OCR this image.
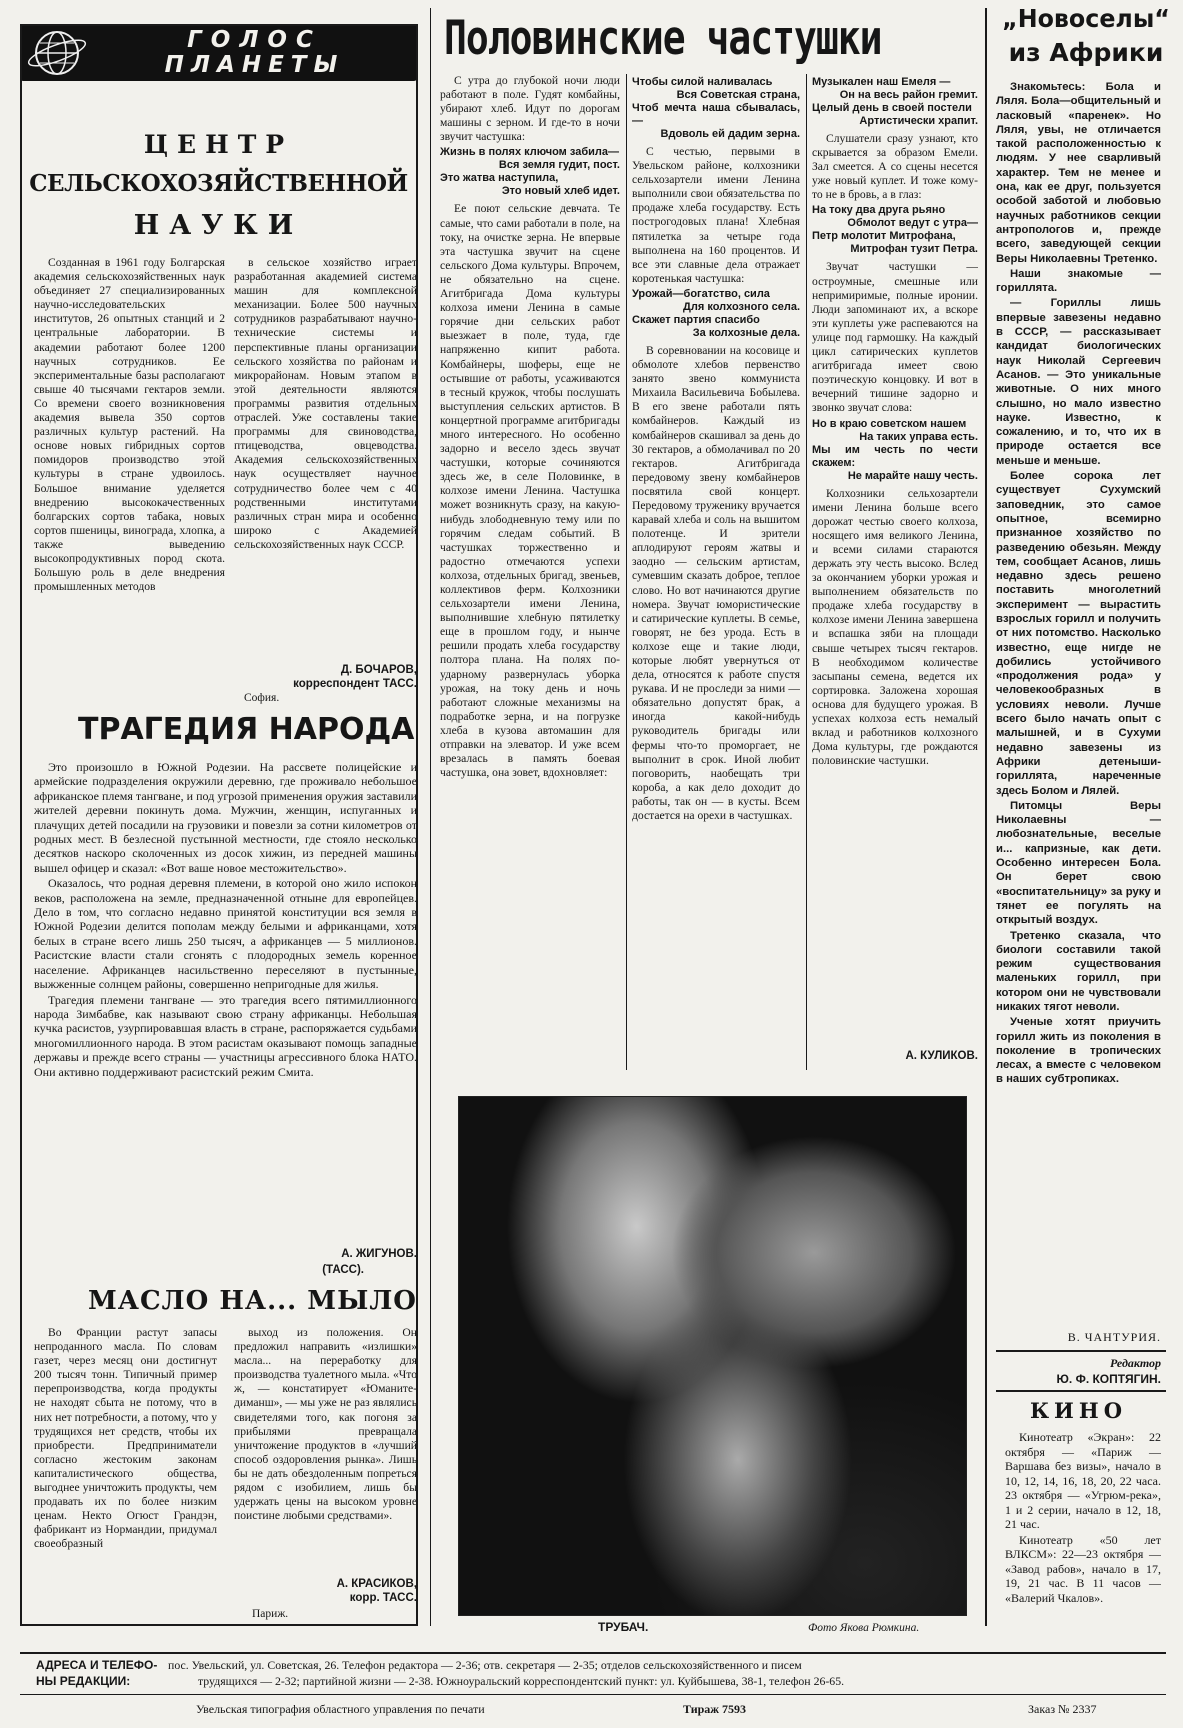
ГОЛОС
ПЛАНЕТЫ
ЦЕНТР
СЕЛЬСКОХОЗЯЙСТВЕННОЙ
НАУКИ

Созданная в 1961 году Болгарская академия сельскохозяйственных наук объединяет 27 специализированных научно-исследовательских институтов, 26 опытных станций и 2 центральные лаборатории. В академии работают более 1200 научных сотрудников. Ее экспериментальные базы располагают свыше 40 тысячами гектаров земли. Со времени своего возникновения академия вывела 350 сортов различных культур растений. На основе новых гибридных сортов помидоров производство этой культуры в стране удвоилось. Большое внимание уделяется внедрению высококачественных болгарских сортов табака, новых сортов пшеницы, винограда, хлопка, а также выведению высокопродуктивных пород скота. Большую роль в деле внедрения промышленных методов

в сельское хозяйство играет разработанная академией система машин для комплексной механизации. Более 500 научных сотрудников разрабатывают научно-технические системы и перспективные планы организации сельского хозяйства по районам и микрорайонам. Новым этапом в этой деятельности являются программы развития отдельных отраслей. Уже составлены такие программы для свиноводства, птицеводства, овцеводства. Академия сельскохозяйственных наук осуществляет научное сотрудничество более чем с 40 родственными институтами различных стран мира и особенно широко с Академией сельскохозяйственных наук СССР.

Д. БОЧАРОВ,
корреспондент ТАСС.
София.
ТРАГЕДИЯ НАРОДА

Это произошло в Южной Родезии. На рассвете полицейские и армейские подразделения окружили деревню, где проживало небольшое африканское племя тангване, и под угрозой применения оружия заставили жителей деревни покинуть дома. Мужчин, женщин, испуганных и плачущих детей посадили на грузовики и повезли за сотни километров от родных мест. В безлесной пустынной местности, где стояло несколько десятков наскоро сколоченных из досок хижин, из передней машины вышел офицер и сказал: «Вот ваше новое местожительство».

Оказалось, что родная деревня племени, в которой оно жило испокон веков, расположена на земле, предназначенной отныне для европейцев. Дело в том, что согласно недавно принятой конституции вся земля в Южной Родезии делится пополам между белыми и африканцами, хотя белых в стране всего лишь 250 тысяч, а африканцев — 5 миллионов. Расистские власти стали сгонять с плодородных земель коренное население. Африканцев насильственно переселяют в пустынные, выжженные солнцем районы, совершенно непригодные для жилья.

Трагедия племени тангване — это трагедия всего пятимиллионного народа Зимбабве, как называют свою страну африканцы. Небольшая кучка расистов, узурпировавшая власть в стране, распоряжается судьбами многомиллионного народа. В этом расистам оказывают помощь западные державы и прежде всего страны — участницы агрессивного блока НАТО. Они активно поддерживают расистский режим Смита.

А. ЖИГУНОВ.
(ТАСС).
МАСЛО НА... МЫЛО

Во Франции растут запасы непроданного масла. По словам газет, через месяц они достигнут 200 тысяч тонн. Типичный пример перепроизводства, когда продукты не находят сбыта не потому, что в них нет потребности, а потому, что у трудящихся нет средств, чтобы их приобрести. Предприниматели согласно жестоким законам капиталистического общества, выгоднее уничтожить продукты, чем продавать их по более низким ценам. Некто Огюст Грандэн, фабрикант из Нормандии, придумал своеобразный

выход из положения. Он предложил направить «излишки» масла... на переработку для производства туалетного мыла. «Что ж, — констатирует «Юманите-диманш», — мы уже не раз являлись свидетелями того, как погоня за прибылями превращала уничтожение продуктов в «лучший способ оздоровления рынка». Лишь бы не дать обездоленным попреться рядом с изобилием, лишь бы удержать цены на высоком уровне поистине любыми средствами».

А. КРАСИКОВ,
корр. ТАСС.
Париж.
Половинские частушки

С утра до глубокой ночи люди работают в поле. Гудят комбайны, убирают хлеб. Идут по дорогам машины с зерном. И где-то в ночи звучит частушка:

Жизнь в полях ключом забила—
Вся земля гудит, пост.
Это жатва наступила,
Это новый хлеб идет.

Ее поют сельские девчата. Те самые, что сами работали в поле, на току, на очистке зерна. Не впервые эта частушка звучит на сцене сельского Дома культуры. Впрочем, не обязательно на сцене. Агитбригада Дома культуры колхоза имени Ленина в самые горячие дни сельских работ выезжает в поле, туда, где напряженно кипит работа. Комбайнеры, шоферы, еще не остывшие от работы, усаживаются в тесный кружок, чтобы послушать выступления сельских артистов. В концертной программе агитбригады много интересного. Но особенно задорно и весело здесь звучат частушки, которые сочиняются здесь же, в селе Половинке, в колхозе имени Ленина. Частушка может возникнуть сразу, на какую-нибудь злободневную тему или по горячим следам событий. В частушках торжественно и радостно отмечаются успехи колхоза, отдельных бригад, звеньев, коллективов ферм. Колхозники сельхозартели имени Ленина, выполнившие хлебную пятилетку еще в прошлом году, и нынче решили продать хлеба государству полтора плана. На полях по-ударному развернулась уборка урожая, на току день и ночь работают сложные механизмы на подработке зерна, и на погрузке хлеба в кузова автомашин для отправки на элеватор. И уже всем врезалась в память боевая частушка, она зовет, вдохновляет:

Чтобы силой наливалась
Вся Советская страна,
Чтоб мечта наша сбывалась,—
Вдоволь ей дадим зерна.

С честью, первыми в Увельском районе, колхозники сельхозартели имени Ленина выполнили свои обязательства по продаже хлеба государству. Есть построгодовых плана! Хлебная пятилетка за четыре года выполнена на 160 процентов. И все эти славные дела отражает коротенькая частушка:

Урожай—богатство, сила
Для колхозного села.
Скажет партия спасибо
За колхозные дела.

В соревновании на косовице и обмолоте хлебов первенство занято звено коммуниста Михаила Васильевича Бобылева. В его звене работали пять комбайнеров. Каждый из комбайнеров скашивал за день до 30 гектаров, а обмолачивал по 20 гектаров. Агитбригада передовому звену комбайнеров посвятила свой концерт. Передовому труженику вручается каравай хлеба и соль на вышитом полотенце. И зрители аплодируют героям жатвы и заодно — сельским артистам, сумевшим сказать доброе, теплое слово. Но вот начинаются другие номера. Звучат юмористические и сатирические куплеты. В семье, говорят, не без урода. Есть в колхозе еще и такие люди, которые любят увернуться от дела, относятся к работе спустя рукава. И не проследи за ними — обязательно допустят брак, а иногда какой-нибудь руководитель бригады или фермы что-то проморгает, не выполнит в срок. Иной любит поговорить, наобещать три короба, а как дело доходит до работы, так он — в кусты. Всем достается на орехи в частушках.

Музыкален наш Емеля —
Он на весь район гремит.
Целый день в своей постели
Артистически храпит.

Слушатели сразу узнают, кто скрывается за образом Емели. Зал смеется. А со сцены несется уже новый куплет. И тоже кому-то не в бровь, а в глаз:

На току два друга рьяно
Обмолот ведут с утра—
Петр молотит Митрофана,
Митрофан тузит Петра.

Звучат частушки — остроумные, смешные или непримиримые, полные иронии. Люди запоминают их, а вскоре эти куплеты уже распеваются на улице под гармошку. На каждый цикл сатирических куплетов агитбригада имеет свою поэтическую концовку. И вот в вечерний тишине задорно и звонко звучат слова:

Но в краю советском нашем
На таких управа есть.
Мы им честь по чести скажем:
Не марайте нашу честь.

Колхозники сельхозартели имени Ленина больше всего дорожат честью своего колхоза, носящего имя великого Ленина, и всеми силами стараются держать эту честь высоко. Вслед за окончанием уборки урожая и выполнением обязательств по продаже хлеба государству в колхозе имени Ленина завершена и вспашка зяби на площади свыше четырех тысяч гектаров. В необходимом количестве засыпаны семена, ведется их сортировка. Заложена хорошая основа для будущего урожая. В успехах колхоза есть немалый вклад и работников колхозного Дома культуры, где рождаются половинские частушки.

А. КУЛИКОВ.
ТРУБАЧ.	Фото Якова Рюмкина.
„Новоселы“
из Африки

Знакомьтесь: Бола и Ляля. Бола—общительный и ласковый «паренек». Но Ляля, увы, не отличается такой расположенностью к людям. У нее сварливый характер. Тем не менее и она, как ее друг, пользуется особой заботой и любовью научных работников секции антропологов и, прежде всего, заведующей секции Веры Николаевны Третенко.

Наши знакомые — гориллята.

— Гориллы лишь впервые завезены недавно в СССР, — рассказывает кандидат биологических наук Николай Сергеевич Асанов. — Это уникальные животные. О них много слышно, но мало известно науке. Известно, к сожалению, и то, что их в природе остается все меньше и меньше.

Более сорока лет существует Сухумский заповедник, это самое опытное, всемирно признанное хозяйство по разведению обезьян. Между тем, сообщает Асанов, лишь недавно здесь решено поставить многолетний эксперимент — вырастить взрослых горилл и получить от них потомство. Насколько известно, еще нигде не добились устойчивого «продолжения рода» у человекообразных в условиях неволи. Лучше всего было начать опыт с малышней, и в Сухуми недавно завезены из Африки детеныши-гориллята, нареченные здесь Болом и Лялей.

Питомцы Веры Николаевны — любознательные, веселые и... капризные, как дети. Особенно интересен Бола. Он берет свою «воспитательницу» за руку и тянет ее погулять на открытый воздух.

Третенко сказала, что биологи составили такой режим существования маленьких горилл, при котором они не чувствовали никаких тягот неволи.

Ученые хотят приучить горилл жить из поколения в поколение в тропических лесах, а вместе с человеком в наших субтропиках.

В. ЧАНТУРИЯ.
Редактор
Ю. Ф. КОПТЯГИН.
КИНО

Кинотеатр «Экран»: 22 октября — «Париж — Варшава без визы», начало в 10, 12, 14, 16, 18, 20, 22 часа. 23 октября — «Угрюм-река», 1 и 2 серии, начало в 12, 18, 21 час.

Кинотеатр «50 лет ВЛКСМ»: 22—23 октября — «Завод рабов», начало в 17, 19, 21 час. В 11 часов — «Валерий Чкалов».

АДРЕСА И ТЕЛЕФО-
НЫ РЕДАКЦИИ:
пос. Увельский, ул. Советская, 26. Телефон редактора — 2-36; отв. секретаря — 2-35; отделов сельскохозяйственного и писем
трудящихся — 2-32; партийной жизни — 2-38. Южноуральский корреспондентский пункт: ул. Куйбышева, 38-1, телефон 26-65.
Увельская типография областного управления по печати	Тираж 7593	Заказ № 2337
